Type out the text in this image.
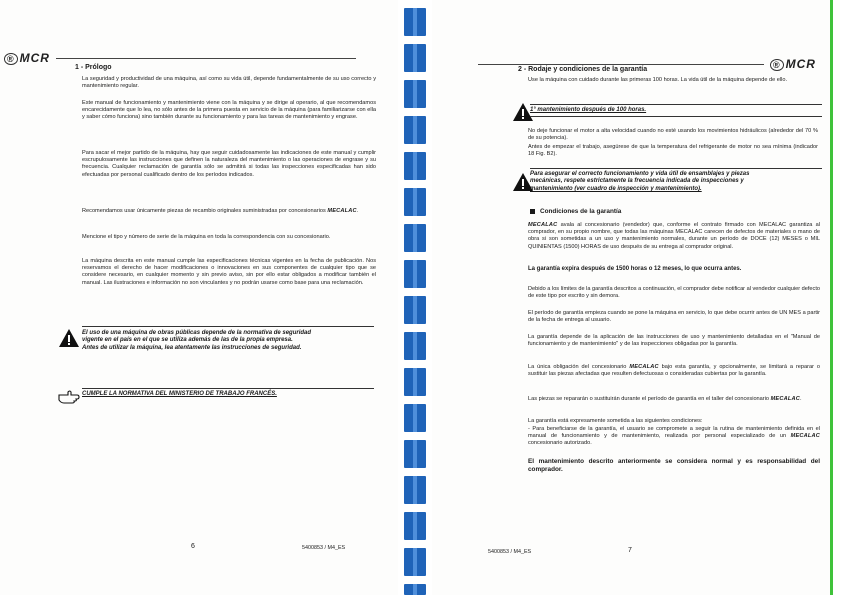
® MCR
1 - Prólogo

La seguridad y productividad de una máquina, así como su vida útil, depende fundamentalmente de su uso correcto y mantenimiento regular.

Este manual de funcionamiento y mantenimiento viene con la máquina y se dirige al operario, al que recomendamos encarecidamente que lo lea, no sólo antes de la primera puesta en servicio de la máquina (para familiarizarse con ella y saber cómo funciona) sino también durante su funcionamiento y para las tareas de mantenimiento y engrase.

Para sacar el mejor partido de la máquina, hay que seguir cuidadosamente las indicaciones de este manual y cumplir escrupulosamente las instrucciones que definen la naturaleza del mantenimiento o las operaciones de engrase y su frecuencia. Cualquier reclamación de garantía sólo se admitirá si todas las inspecciones especificadas han sido efectuadas por personal cualificado dentro de los períodos indicados.

Recomendamos usar únicamente piezas de recambio originales suministradas por concesionarios MECALAC.

Mencione el tipo y número de serie de la máquina en toda la correspondencia con su concesionario.

La máquina descrita en este manual cumple las especificaciones técnicas vigentes en la fecha de publicación. Nos reservamos el derecho de hacer modificaciones o innovaciones en sus componentes de cualquier tipo que se considere necesario, en cualquier momento y sin previo aviso, sin por ello estar obligados a modificar también el manual. Las ilustraciones e información no son vinculantes y no podrán usarse como base para una reclamación.

El uso de una máquina de obras públicas depende de la normativa de seguridad

vigente en el país en el que se utiliza además de las de la propia empresa.

Antes de utilizar la máquina, lea atentamente las instrucciones de seguridad.

CUMPLE LA NORMATIVA DEL MINISTERIO DE TRABAJO FRANCÉS.

6	5400853 / M4_ES
® MCR
2 - Rodaje y condiciones de la garantía

Use la máquina con cuidado durante las primeras 100 horas. La vida útil de la máquina depende de ello.

1° mantenimiento después de 100 horas.

No deje funcionar el motor a alta velocidad cuando no esté usando los movimientos hidráulicos (alrededor del 70 % de su potencia).

Antes de empezar el trabajo, asegúrese de que la temperatura del refrigerante de motor no sea mínima (indicador 18 Fig. B2).

Para asegurar el correcto funcionamiento y vida útil de ensamblajes y piezas

mecánicas, respete estrictamente la frecuencia indicada de inspecciones y

mantenimiento (ver cuadro de inspección y mantenimiento).

Condiciones de la garantía

MECALAC avala al concesionario (vendedor) que, conforme el contrato firmado con MECALAC garantiza al comprador, en su propio nombre, que todas las máquinas MECALAC carecen de defectos de materiales o mano de obra si son sometidas a un uso y mantenimiento normales, durante un período de DOCE (12) MESES o MIL QUINIENTAS (1500) HORAS de uso después de su entrega al comprador original.

La garantía expira después de 1500 horas o 12 meses, lo que ocurra antes.

Debido a los límites de la garantía descritos a continuación, el comprador debe notificar al vendedor cualquier defecto de este tipo por escrito y sin demora.

El período de garantía empieza cuando se pone la máquina en servicio, lo que debe ocurrir antes de UN MES a partir de la fecha de entrega al usuario.

La garantía depende de la aplicación de las instrucciones de uso y mantenimiento detalladas en el "Manual de funcionamiento y de mantenimiento" y de las inspecciones obligadas por la garantía.

La única obligación del concesionario MECALAC bajo esta garantía, y opcionalmente, se limitará a reparar o sustituir las piezas afectadas que resulten defectuosas o consideradas cubiertas por la garantía.

Las piezas se repararán o sustituirán durante el período de garantía en el taller del concesionario MECALAC.

La garantía está expresamente sometida a las siguientes condiciones:

- Para beneficiarse de la garantía, el usuario se compromete a seguir la rutina de mantenimiento definida en el manual de funcionamiento y de mantenimiento, realizada por personal especializado de un MECALAC concesionario autorizado.

El mantenimiento descrito anteriormente se considera normal y es responsabilidad del comprador.

5400853 / M4_ES	7
